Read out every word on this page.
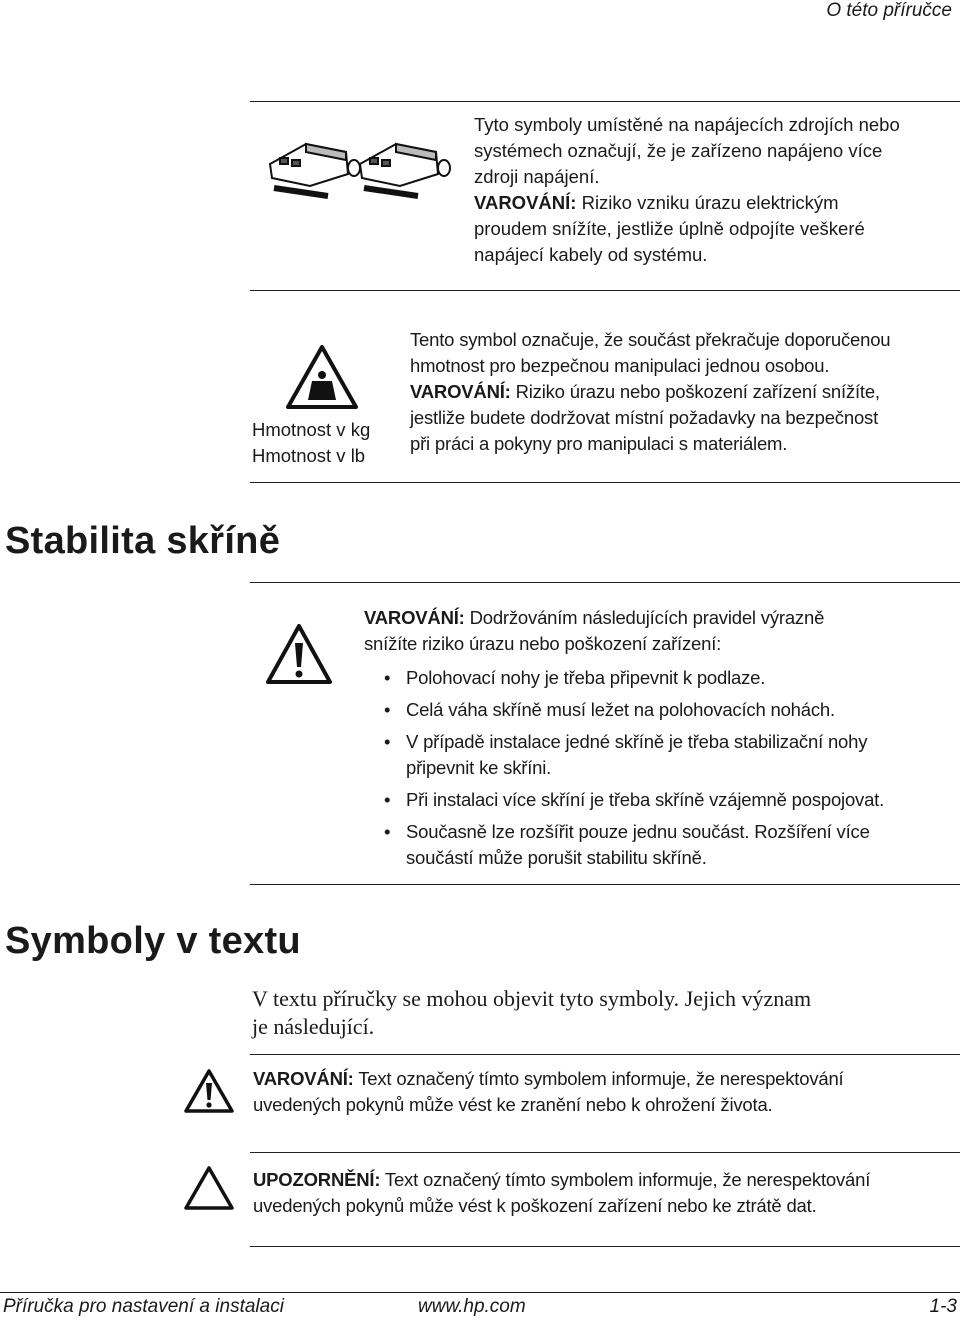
O této příručce
Tyto symboly umístěné na napájecích zdrojích nebo
systémech označují, že je zařízeno napájeno více
zdroji napájení.
VAROVÁNÍ: Riziko vzniku úrazu elektrickým
proudem snížíte, jestliže úplně odpojíte veškeré
napájecí kabely od systému.
Hmotnost v kg
Hmotnost v lb
Tento symbol označuje, že součást překračuje doporučenou
hmotnost pro bezpečnou manipulaci jednou osobou.
VAROVÁNÍ: Riziko úrazu nebo poškození zařízení snížíte,
jestliže budete dodržovat místní požadavky na bezpečnost
při práci a pokyny pro manipulaci s materiálem.
Stabilita skříně
VAROVÁNÍ: Dodržováním následujících pravidel výrazně
snížíte riziko úrazu nebo poškození zařízení:
• Polohovací nohy je třeba připevnit k podlaze.
• Celá váha skříně musí ležet na polohovacích nohách.
• V případě instalace jedné skříně je třeba stabilizační nohy
připevnit ke skříni.
• Při instalaci více skříní je třeba skříně vzájemně pospojovat.
• Současně lze rozšířit pouze jednu součást. Rozšíření více
součástí může porušit stabilitu skříně.
Symboly v textu
V textu příručky se mohou objevit tyto symboly. Jejich význam
je následující.
VAROVÁNÍ: Text označený tímto symbolem informuje, že nerespektování
uvedených pokynů může vést ke zranění nebo k ohrožení života.
UPOZORNĚNÍ: Text označený tímto symbolem informuje, že nerespektování
uvedených pokynů může vést k poškození zařízení nebo ke ztrátě dat.
Příručka pro nastavení a instalaci	www.hp.com	1-3
